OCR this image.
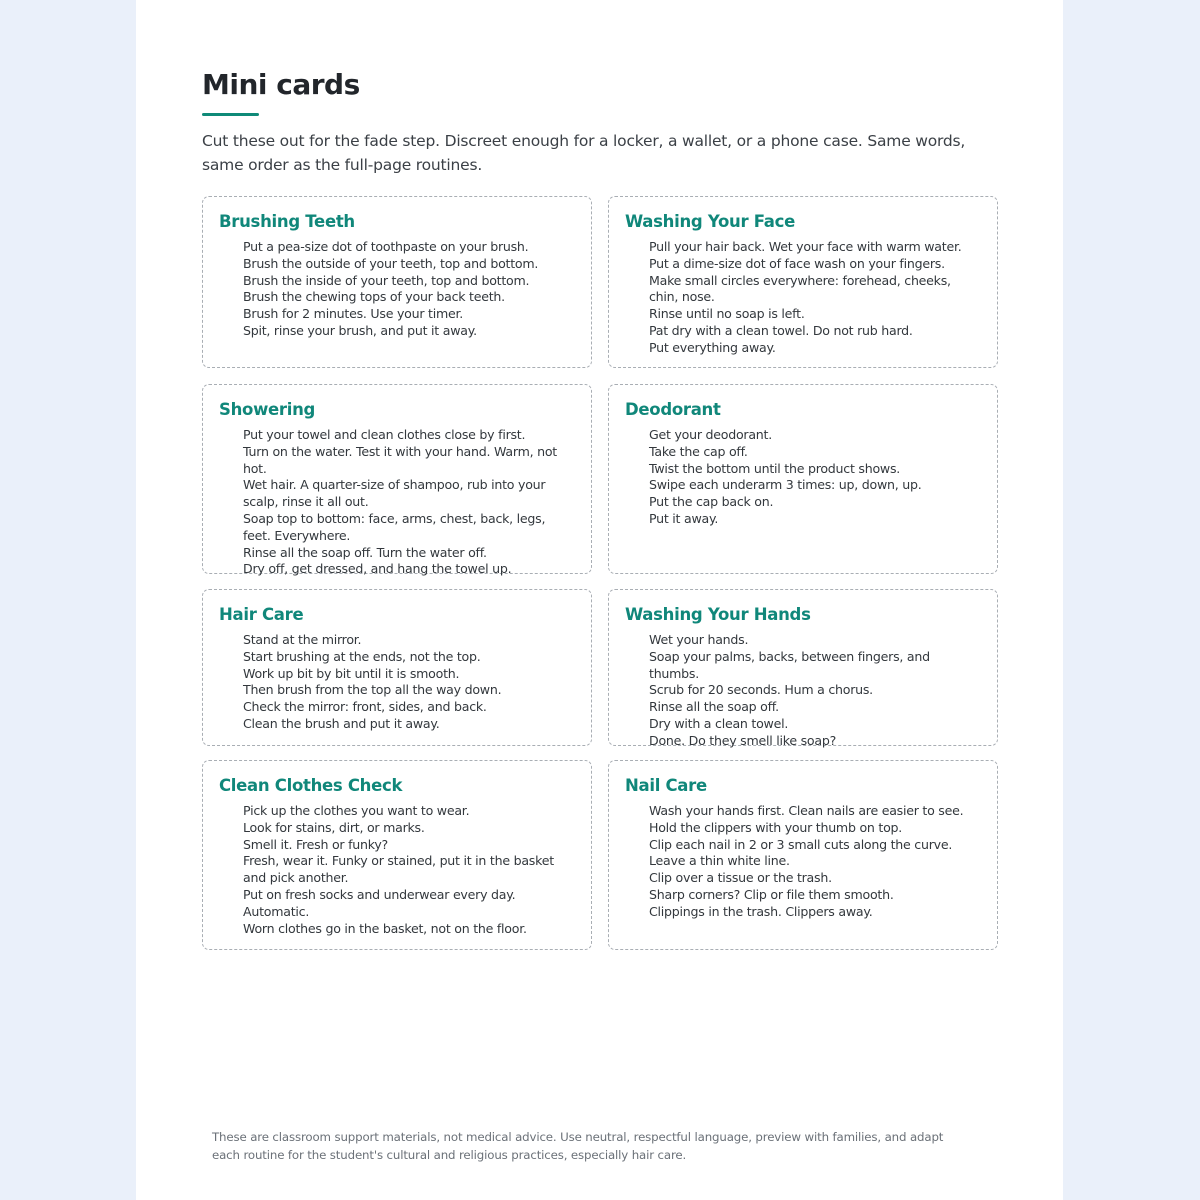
Mini cards

Cut these out for the fade step. Discreet enough for a locker, a wallet, or a phone case. Same words, same order as the full-page routines.

Brushing Teeth
Put a pea-size dot of toothpaste on your brush.
Brush the outside of your teeth, top and bottom.
Brush the inside of your teeth, top and bottom.
Brush the chewing tops of your back teeth.
Brush for 2 minutes. Use your timer.
Spit, rinse your brush, and put it away.
Washing Your Face
Pull your hair back. Wet your face with warm water.
Put a dime-size dot of face wash on your fingers.
Make small circles everywhere: forehead, cheeks, chin, nose.
Rinse until no soap is left.
Pat dry with a clean towel. Do not rub hard.
Put everything away.
Showering
Put your towel and clean clothes close by first.
Turn on the water. Test it with your hand. Warm, not hot.
Wet hair. A quarter-size of shampoo, rub into your scalp, rinse it all out.
Soap top to bottom: face, arms, chest, back, legs, feet. Everywhere.
Rinse all the soap off. Turn the water off.
Dry off, get dressed, and hang the towel up.
Deodorant
Get your deodorant.
Take the cap off.
Twist the bottom until the product shows.
Swipe each underarm 3 times: up, down, up.
Put the cap back on.
Put it away.
Hair Care
Stand at the mirror.
Start brushing at the ends, not the top.
Work up bit by bit until it is smooth.
Then brush from the top all the way down.
Check the mirror: front, sides, and back.
Clean the brush and put it away.
Washing Your Hands
Wet your hands.
Soap your palms, backs, between fingers, and thumbs.
Scrub for 20 seconds. Hum a chorus.
Rinse all the soap off.
Dry with a clean towel.
Done. Do they smell like soap?
Clean Clothes Check
Pick up the clothes you want to wear.
Look for stains, dirt, or marks.
Smell it. Fresh or funky?
Fresh, wear it. Funky or stained, put it in the basket and pick another.
Put on fresh socks and underwear every day. Automatic.
Worn clothes go in the basket, not on the floor.
Nail Care
Wash your hands first. Clean nails are easier to see.
Hold the clippers with your thumb on top.
Clip each nail in 2 or 3 small cuts along the curve. Leave a thin white line.
Clip over a tissue or the trash.
Sharp corners? Clip or file them smooth.
Clippings in the trash. Clippers away.

These are classroom support materials, not medical advice. Use neutral, respectful language, preview with families, and adapt each routine for the student's cultural and religious practices, especially hair care.
